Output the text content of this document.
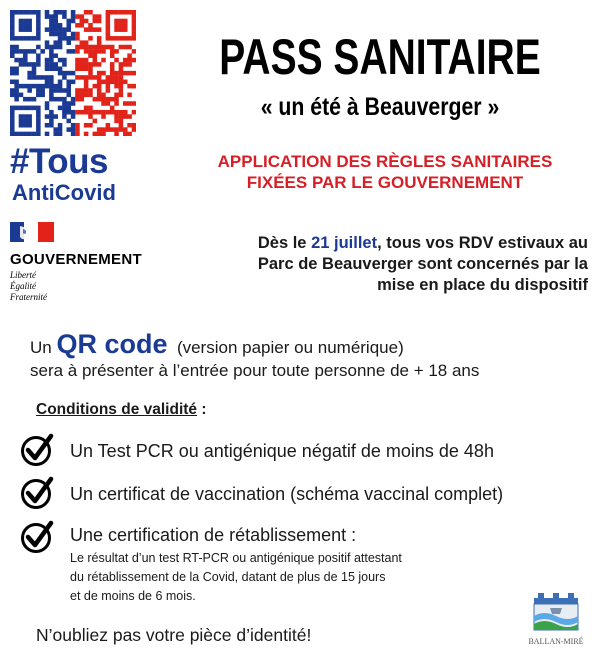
#Tous
AntiCovid
GOUVERNEMENT
Liberté
Égalité
Fraternité
PASS SANITAIRE
« un été à Beauverger »
APPLICATION DES RÈGLES SANITAIRES
FIXÉES PAR LE GOUVERNEMENT
Dès le 21 juillet, tous vos RDV estivaux au
Parc de Beauverger sont concernés par la
mise en place du dispositif
Un QR code  (version papier ou numérique)
sera à présenter à l’entrée pour toute personne de + 18 ans
Conditions de validité :
Un Test PCR ou antigénique négatif de moins de 48h
Un certificat de vaccination (schéma vaccinal complet)
Une certification de rétablissement :
Le résultat d’un test RT-PCR ou antigénique positif attestant
du rétablissement de la Covid, datant de plus de 15 jours
et de moins de 6 mois.
N’oubliez pas votre pièce d’identité!	BALLAN-MIRÉ
